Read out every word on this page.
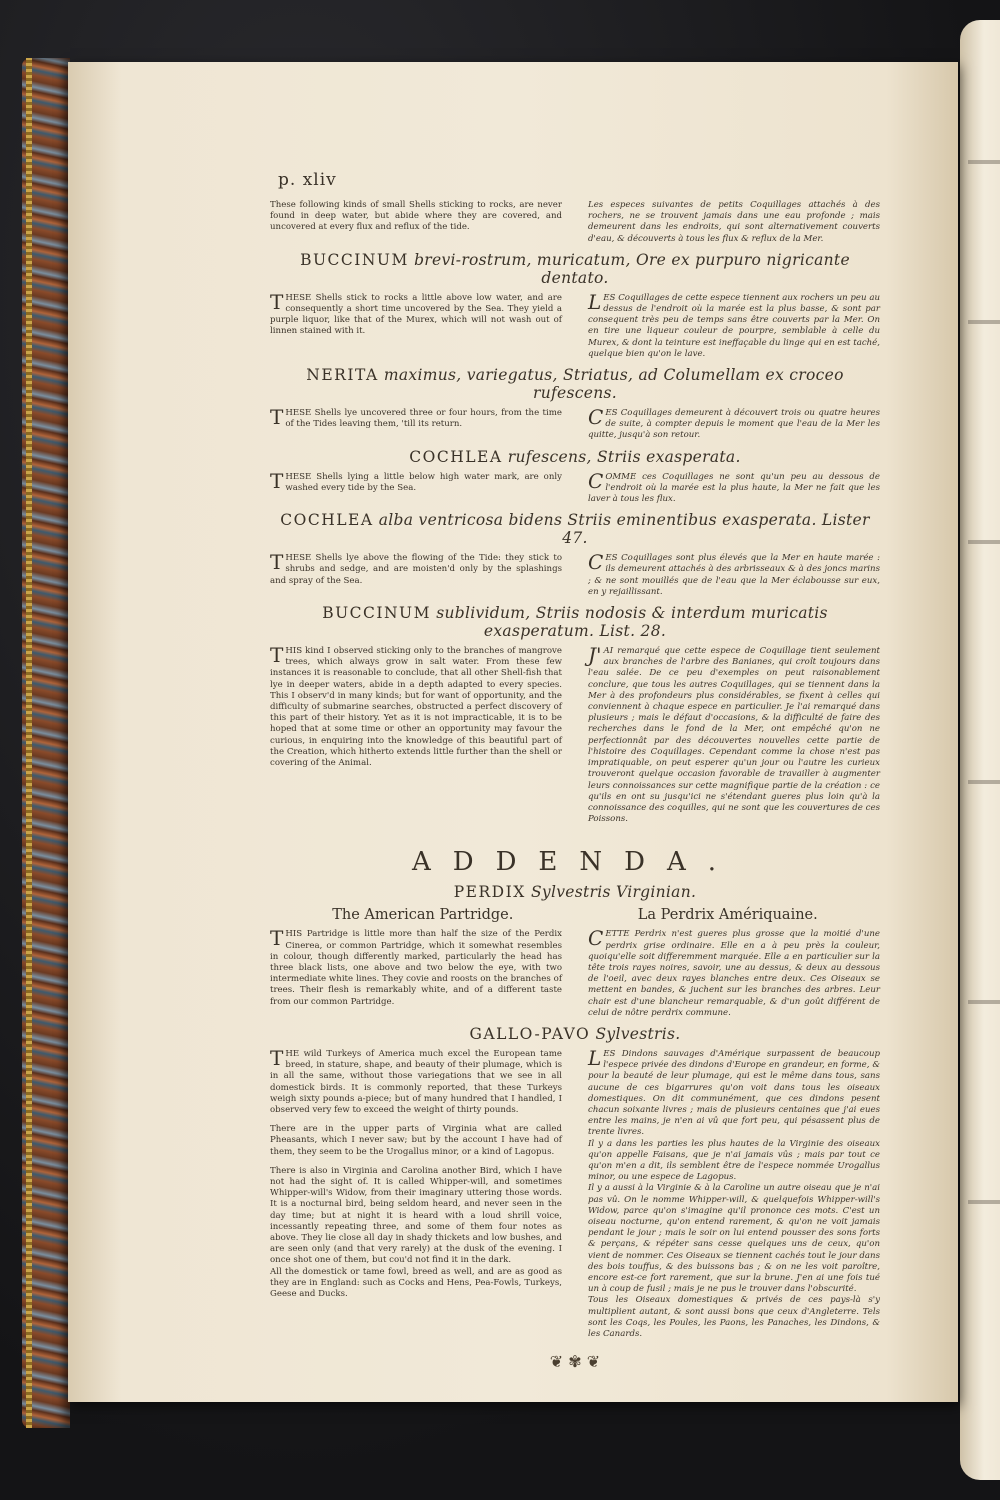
p. xliv
These following kinds of small Shells sticking to rocks, are never found in deep water, but abide where they are covered, and uncovered at every flux and reflux of the tide.
Les especes suivantes de petits Coquillages attachés à des rochers, ne se trouvent jamais dans une eau profonde ; mais demeurent dans les endroits, qui sont alternativement couverts d'eau, & découverts à tous les flux & reflux de la Mer.
BUCCINUM brevi-rostrum, muricatum, Ore ex purpuro nigricante dentato.
THESE Shells stick to rocks a little above low water, and are consequently a short time uncovered by the Sea. They yield a purple liquor, like that of the Murex, which will not wash out of linnen stained with it.
LES Coquillages de cette espece tiennent aux rochers un peu au dessus de l'endroit où la marée est la plus basse, & sont par consequent très peu de temps sans être couverts par la Mer. On en tire une liqueur couleur de pourpre, semblable à celle du Murex, & dont la teinture est ineffaçable du linge qui en est taché, quelque bien qu'on le lave.
NERITA maximus, variegatus, Striatus, ad Columellam ex croceo rufescens.
THESE Shells lye uncovered three or four hours, from the time of the Tides leaving them, 'till its return.	CES Coquillages demeurent à découvert trois ou quatre heures de suite, à compter depuis le moment que l'eau de la Mer les quitte, jusqu'à son retour.
COCHLEA rufescens, Striis exasperata.
THESE Shells lying a little below high water mark, are only washed every tide by the Sea.	COMME ces Coquillages ne sont qu'un peu au dessous de l'endroit où la marée est la plus haute, la Mer ne fait que les laver à tous les flux.
COCHLEA alba ventricosa bidens Striis eminentibus exasperata. Lister 47.
THESE Shells lye above the flowing of the Tide: they stick to shrubs and sedge, and are moisten'd only by the splashings and spray of the Sea.
CES Coquillages sont plus élevés que la Mer en haute marée : ils demeurent attachés à des arbrisseaux & à des joncs marins ; & ne sont mouillés que de l'eau que la Mer éclabousse sur eux, en y rejaillissant.
BUCCINUM sublividum, Striis nodosis & interdum muricatis exasperatum. List. 28.
THIS kind I observed sticking only to the branches of mangrove trees, which always grow in salt water. From these few instances it is reasonable to conclude, that all other Shell-fish that lye in deeper waters, abide in a depth adapted to every species. This I observ'd in many kinds; but for want of opportunity, and the difficulty of submarine searches, obstructed a perfect discovery of this part of their history. Yet as it is not impracticable, it is to be hoped that at some time or other an opportunity may favour the curious, in enquiring into the knowledge of this beautiful part of the Creation, which hitherto extends little further than the shell or covering of the Animal.
J'AI remarqué que cette espece de Coquillage tient seulement aux branches de l'arbre des Banianes, qui croît toujours dans l'eau salée. De ce peu d'exemples on peut raisonablement conclure, que tous les autres Coquillages, qui se tiennent dans la Mer à des profondeurs plus considérables, se fixent à celles qui conviennent à chaque espece en particulier. Je l'ai remarqué dans plusieurs ; mais le défaut d'occasions, & la difficulté de faire des recherches dans le fond de la Mer, ont empêché qu'on ne perfectionnât par des découvertes nouvelles cette partie de l'histoire des Coquillages. Cependant comme la chose n'est pas impratiquable, on peut esperer qu'un jour ou l'autre les curieux trouveront quelque occasion favorable de travailler à augmenter leurs connoissances sur cette magnifique partie de la création : ce qu'ils en ont su jusqu'ici ne s'étendant gueres plus loin qu'à la connoissance des coquilles, qui ne sont que les couvertures de ces Poissons.
ADDENDA.
PERDIX Sylvestris Virginian.
The American Partridge.	La Perdrix Amériquaine.
THIS Partridge is little more than half the size of the Perdix Cinerea, or common Partridge, which it somewhat resembles in colour, though differently marked, particularly the head has three black lists, one above and two below the eye, with two intermediate white lines. They covie and roosts on the branches of trees. Their flesh is remarkably white, and of a different taste from our common Partridge.
CETTE Perdrix n'est gueres plus grosse que la moitié d'une perdrix grise ordinaire. Elle en a à peu près la couleur, quoiqu'elle soit differemment marquée. Elle a en particulier sur la tête trois rayes noires, savoir, une au dessus, & deux au dessous de l'oeil, avec deux rayes blanches entre deux. Ces Oiseaux se mettent en bandes, & juchent sur les branches des arbres. Leur chair est d'une blancheur remarquable, & d'un goût différent de celui de nôtre perdrix commune.
GALLO-PAVO Sylvestris.
THE wild Turkeys of America much excel the European tame breed, in stature, shape, and beauty of their plumage, which is in all the same, without those variegations that we see in all domestick birds. It is commonly reported, that these Turkeys weigh sixty pounds a-piece; but of many hundred that I handled, I observed very few to exceed the weight of thirty pounds.
There are in the upper parts of Virginia what are called Pheasants, which I never saw; but by the account I have had of them, they seem to be the Urogallus minor, or a kind of Lagopus.
There is also in Virginia and Carolina another Bird, which I have not had the sight of. It is called Whipper-will, and sometimes Whipper-will's Widow, from their imaginary uttering those words. It is a nocturnal bird, being seldom heard, and never seen in the day time; but at night it is heard with a loud shrill voice, incessantly repeating three, and some of them four notes as above. They lie close all day in shady thickets and low bushes, and are seen only (and that very rarely) at the dusk of the evening. I once shot one of them, but cou'd not find it in the dark.
All the domestick or tame fowl, breed as well, and are as good as they are in England: such as Cocks and Hens, Pea-Fowls, Turkeys, Geese and Ducks.
LES Dindons sauvages d'Amérique surpassent de beaucoup l'espece privée des dindons d'Europe en grandeur, en forme, & pour la beauté de leur plumage, qui est le même dans tous, sans aucune de ces bigarrures qu'on voit dans tous les oiseaux domestiques. On dit communément, que ces dindons pesent chacun soixante livres ; mais de plusieurs centaines que j'ai eues entre les mains, je n'en ai vû que fort peu, qui pésassent plus de trente livres.
Il y a dans les parties les plus hautes de la Virginie des oiseaux qu'on appelle Faisans, que je n'ai jamais vûs ; mais par tout ce qu'on m'en a dit, ils semblent être de l'espece nommée Urogallus minor, ou une espece de Lagopus.
Il y a aussi à la Virginie & à la Caroline un autre oiseau que je n'ai pas vû. On le nomme Whipper-will, & quelquefois Whipper-will's Widow, parce qu'on s'imagine qu'il prononce ces mots. C'est un oiseau nocturne, qu'on entend rarement, & qu'on ne voit jamais pendant le jour ; mais le soir on lui entend pousser des sons forts & perçans, & répéter sans cesse quelques uns de ceux, qu'on vient de nommer. Ces Oiseaux se tiennent cachés tout le jour dans des bois touffus, & des buissons bas ; & on ne les voit paroître, encore est-ce fort rarement, que sur la brune. J'en ai une fois tué un à coup de fusil ; mais je ne pus le trouver dans l'obscurité.
Tous les Oiseaux domestiques & privés de ces pays-là s'y multiplient autant, & sont aussi bons que ceux d'Angleterre. Tels sont les Coqs, les Poules, les Paons, les Panaches, les Dindons, & les Canards.
❦ ✾ ❦
